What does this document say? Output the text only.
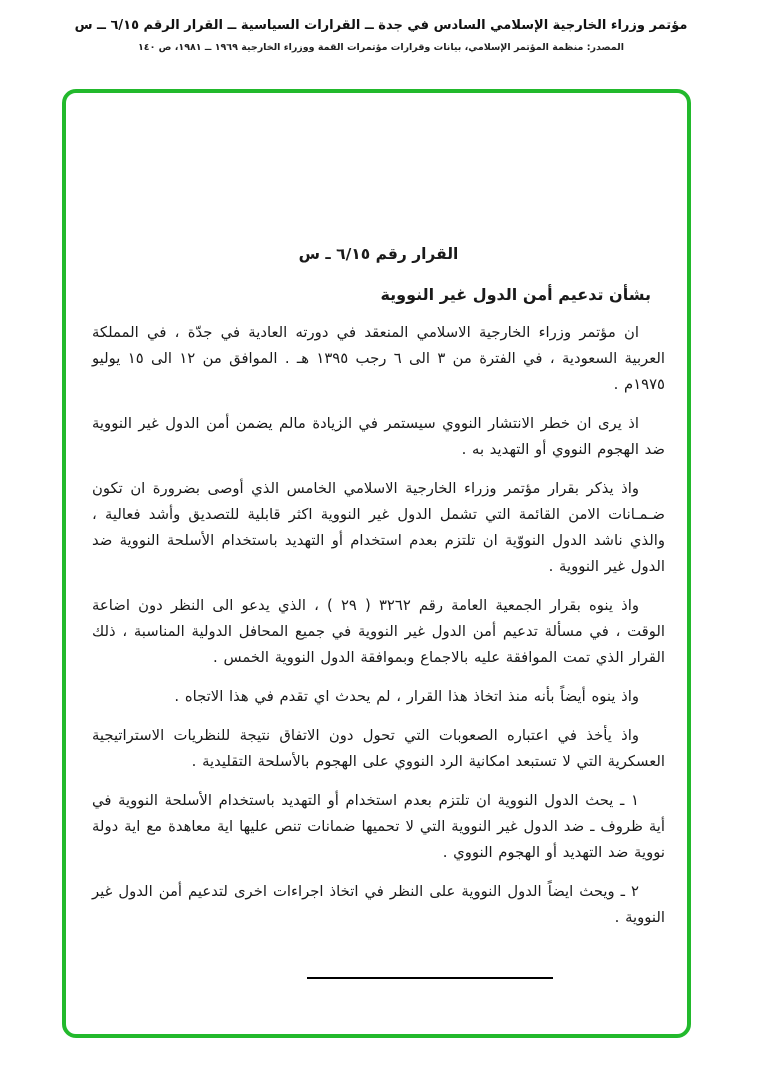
مؤتمر وزراء الخارجية الإسلامي السادس في جدة ــ القرارات السياسية ــ القرار الرقم ٦/١٥ ــ س
المصدر: منظمة المؤتمر الإسلامي، بيانات وقرارات مؤتمرات القمة ووزراء الخارجية ١٩٦٩ ــ ١٩٨١، ص ١٤٠
القرار رقم ٦/١٥ ـ س
بشأن تدعيم أمن الدول غير النووية

ان مؤتمر وزراء الخارجية الاسلامي المنعقد في دورته العادية في جدّة ، في المملكة العربية السعودية ، في الفترة من ٣ الى ٦ رجب ١٣٩٥ هـ . الموافق من ١٢ الى ١٥ يوليو ١٩٧٥م .

اذ يرى ان خطر الانتشار النووي سيستمر في الزيادة مالم يضمن أمن الدول غير النووية ضد الهجوم النووي أو التهديد به .

واذ يذكر بقرار مؤتمر وزراء الخارجية الاسلامي الخامس الذي أوصى بضرورة ان تكون ضـمـانات الامن القائمة التي تشمل الدول غير النووية اكثر قابلية للتصديق وأشد فعالية ، والذي ناشد الدول النووّية ان تلتزم بعدم استخدام أو التهديد باستخدام الأسلحة النووية ضد الدول غير النووية .

واذ ينوه بقرار الجمعية العامة رقم ٣٢٦٢ ( ٢٩ ) ، الذي يدعو الى النظر دون اضاعة الوقت ، في مسألة تدعيم أمن الدول غير النووية في جميع المحافل الدولية المناسبة ، ذلك القرار الذي تمت الموافقة عليه بالاجماع وبموافقة الدول النووية الخمس .

واذ ينوه أيضاً بأنه منذ اتخاذ هذا القرار ، لم يحدث اي تقدم في هذا الاتجاه .

واذ يأخذ في اعتباره الصعوبات التي تحول دون الاتفاق نتيجة للنظريات الاستراتيجية العسكرية التي لا تستبعد امكانية الرد النووي على الهجوم بالأسلحة التقليدية .

١ ـ يحث الدول النووية ان تلتزم بعدم استخدام أو التهديد باستخدام الأسلحة النووية في أية ظروف ـ ضد الدول غير النووية التي لا تحميها ضمانات تنص عليها اية معاهدة مع اية دولة نووية ضد التهديد أو الهجوم النووي .

٢ ـ ويحث ايضاً الدول النووية على النظر في اتخاذ اجراءات اخرى لتدعيم أمن الدول غير النووية .
